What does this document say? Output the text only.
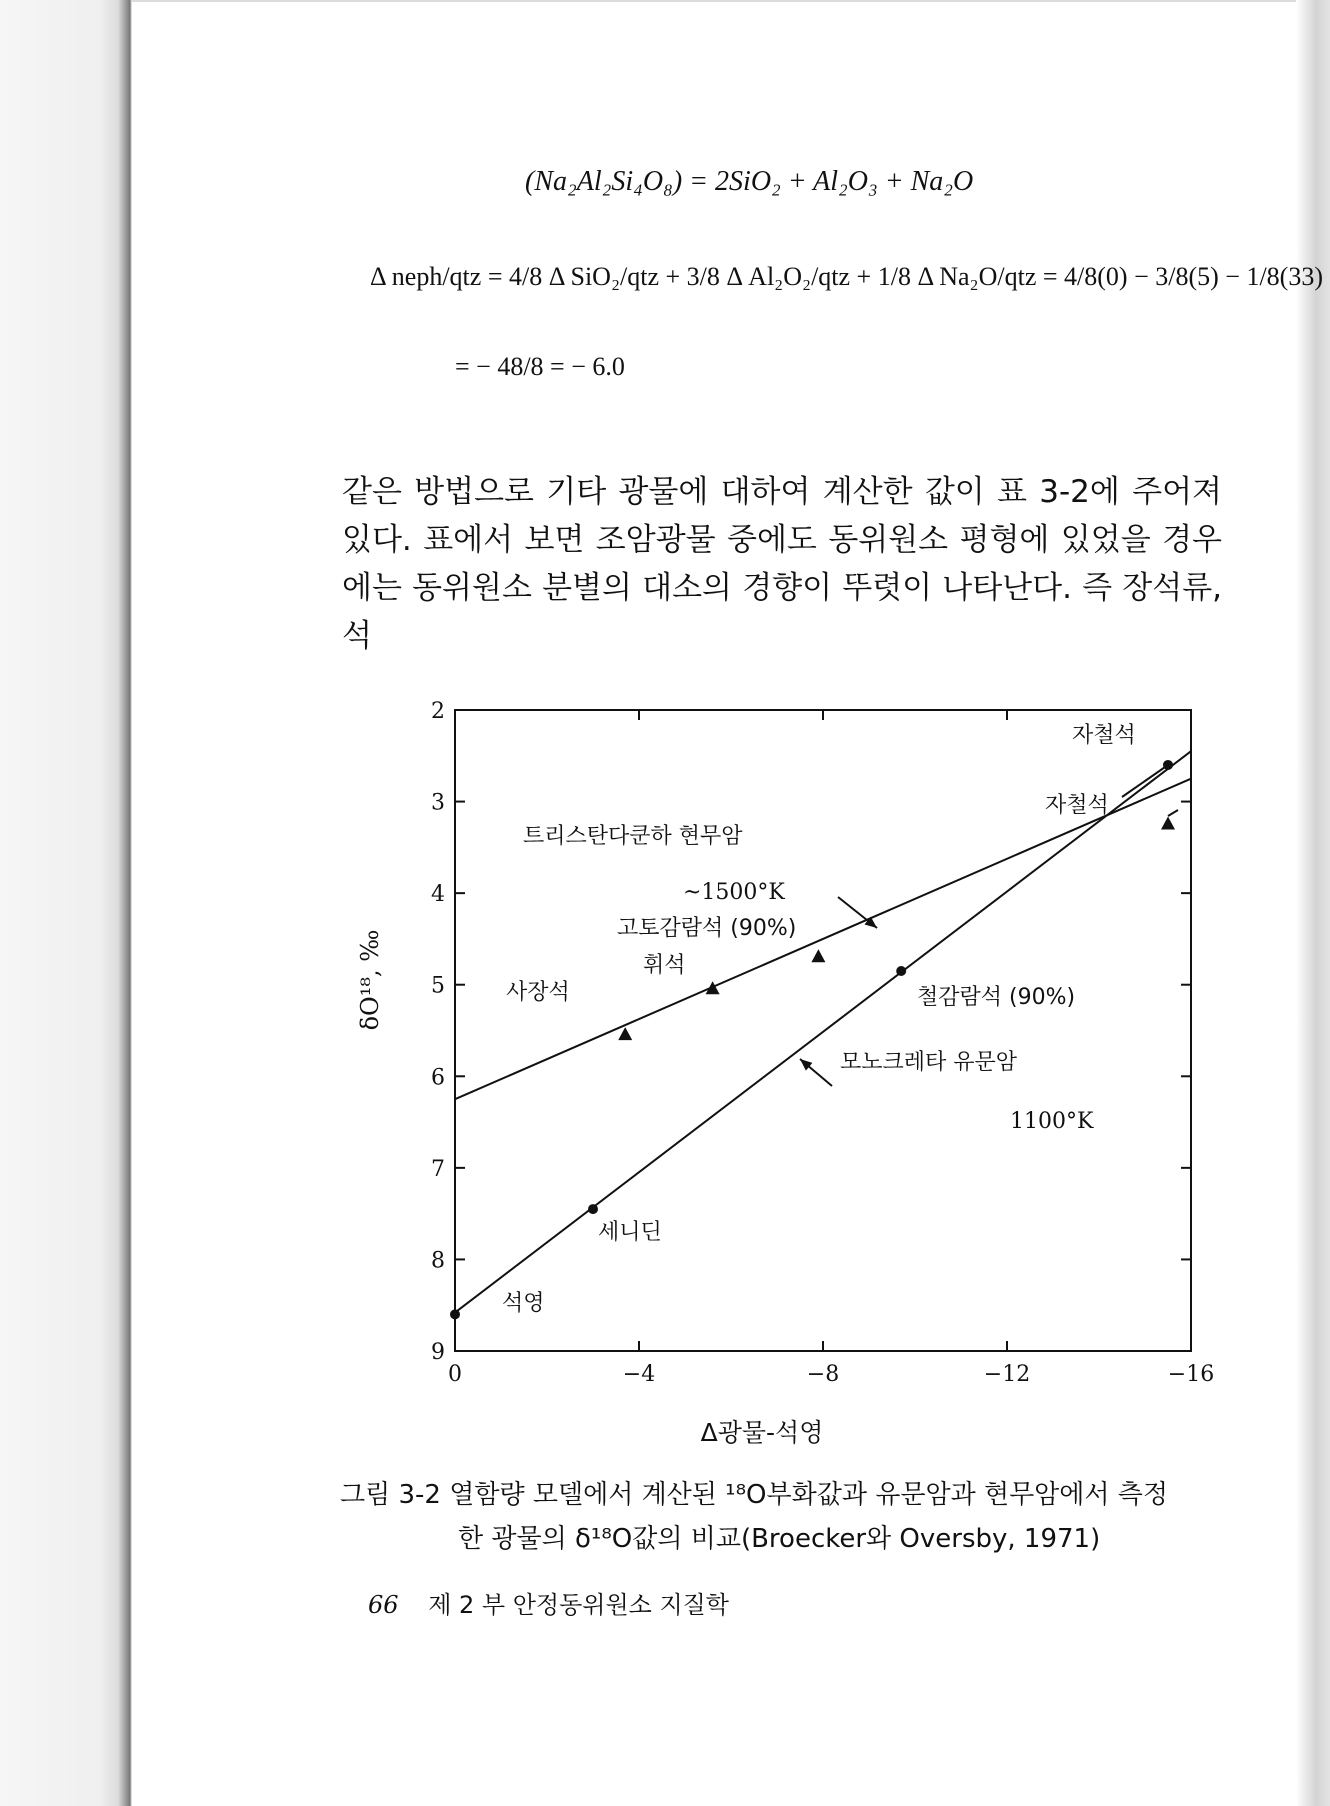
(Na₂Al₂Si₄O₈) = 2SiO₂ + Al₂O₃ + Na₂O
Δ neph/qtz = 4/8 Δ SiO₂/qtz + 3/8 Δ Al₂O₂/qtz + 1/8 Δ Na₂O/qtz = 4/8(0) − 3/8(5) − 1/8(33)
= − 48/8 = − 6.0
같은 방법으로 기타 광물에 대하여 계산한 값이 표 3-2에 주어져 있다. 표에서 보면 조암광물 중에도 동위원소 평형에 있었을 경우에는 동위원소 분별의 대소의 경향이 뚜렷이 나타난다. 즉 장석류, 석
0	−4	−8	−12	−16
2
3
4
5
6
7
8
9
δO¹⁸, ‰
Δ광물-석영
자철석
자철석
트리스탄다쿤하 현무암
~1500°K
고토감람석 (90%)
휘석
사장석	철감람석 (90%)
모노크레타 유문암
1100°K
세니딘
석영
그림 3-2 열함량 모델에서 계산된 ¹⁸O부화값과 유문암과 현무암에서 측정
한 광물의 δ¹⁸O값의 비교(Broecker와 Oversby, 1971)
66 제 2 부 안정동위원소 지질학
